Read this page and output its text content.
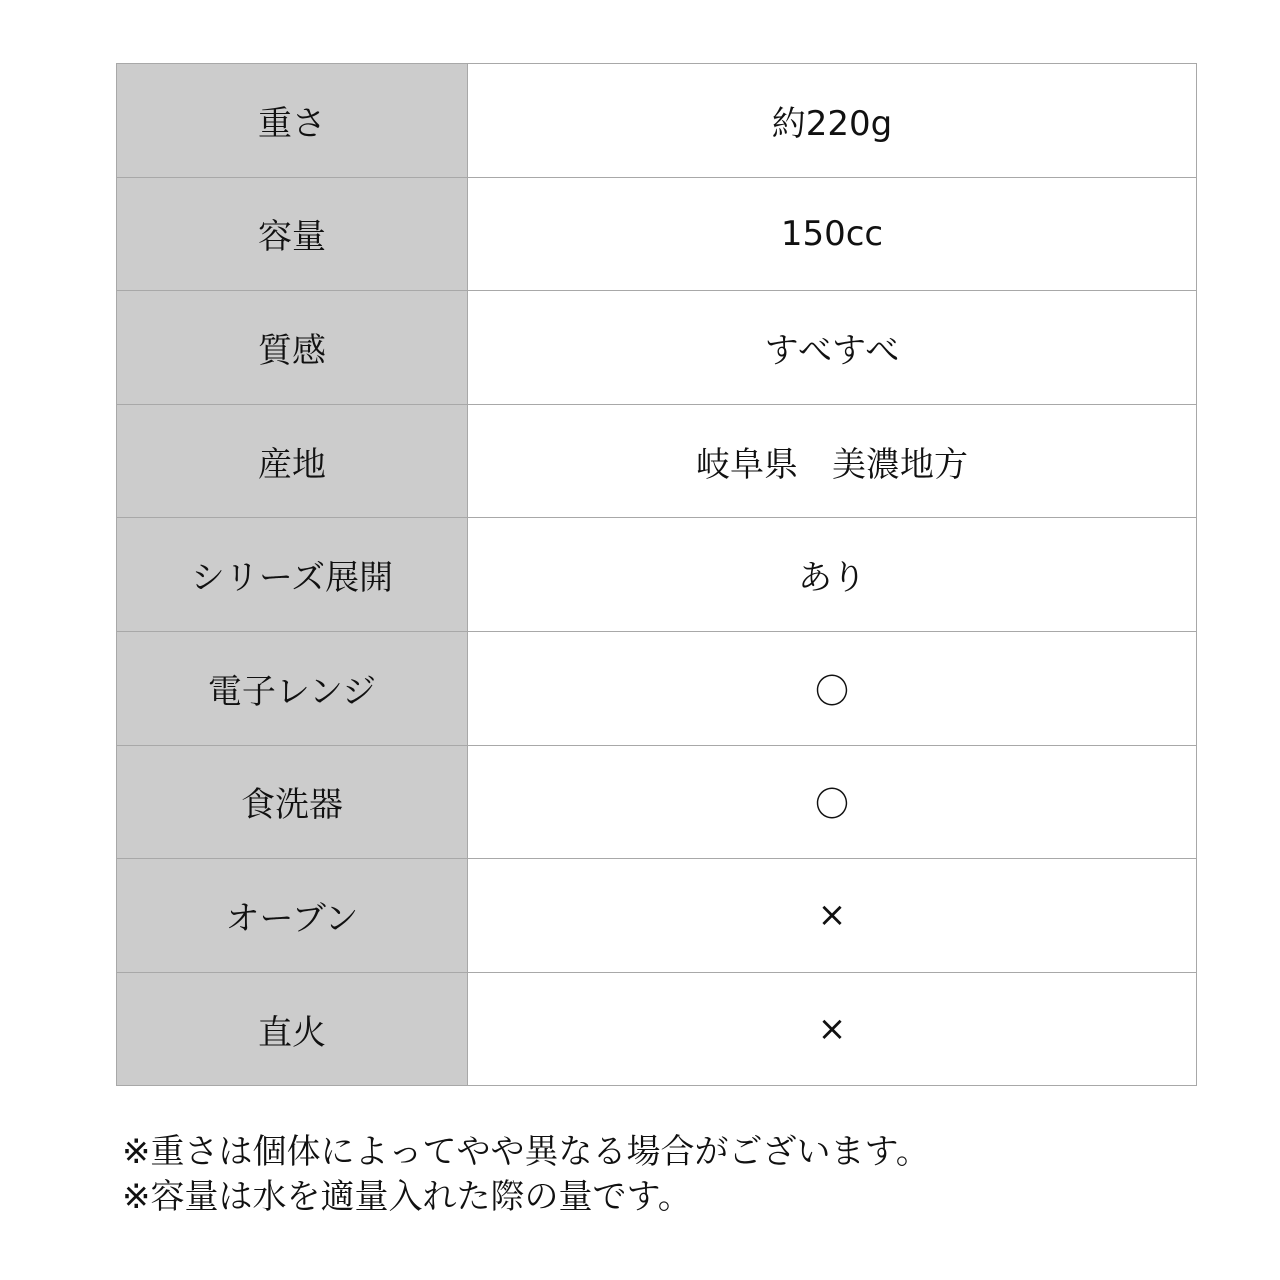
重さ	約220g
容量	150cc
質感	すべすべ
産地	岐阜県　美濃地方
シリーズ展開	あり
電子レンジ	〇
食洗器	〇
オーブン	×
直火	×
※重さは個体によってやや異なる場合がございます。
※容量は水を適量入れた際の量です。
